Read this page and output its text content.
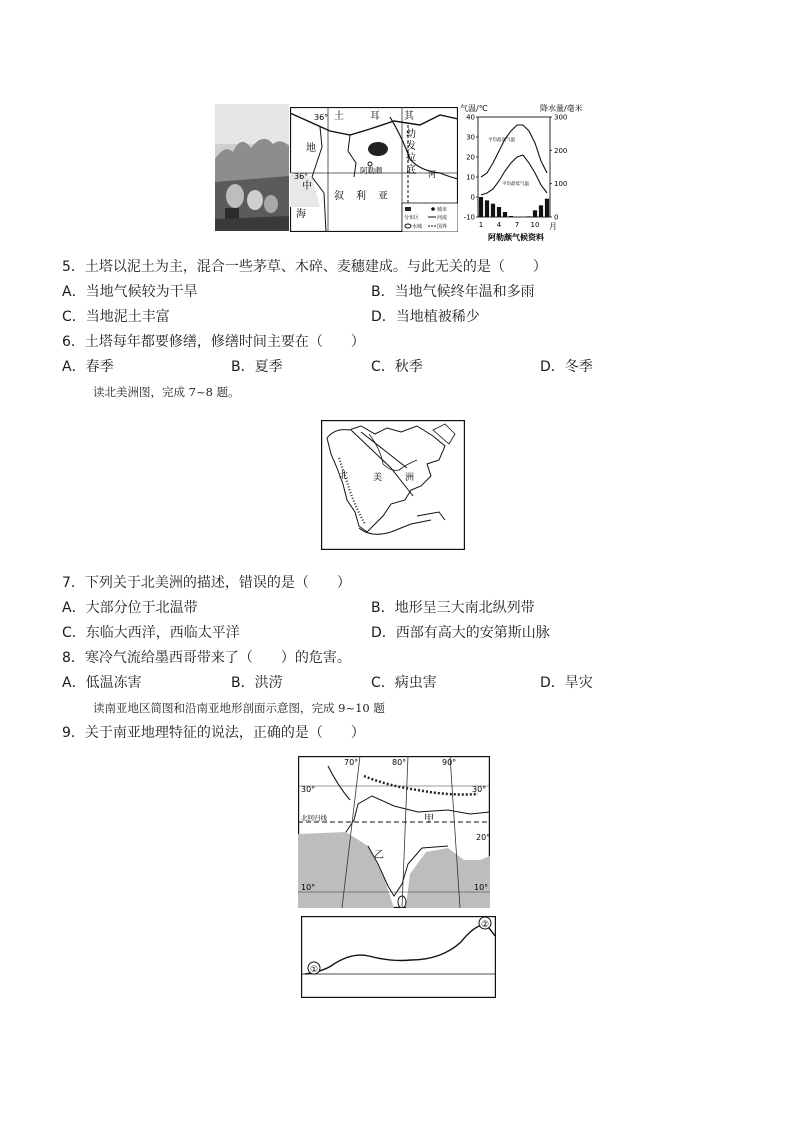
36°
36°
土	耳 其
幼
发
拉
底 河
阿勒颇
地
中
海
叙 利 亚
城市
河流
国界
分布区
水城
气温/℃	降水量/毫米
-10
0
10
20
30
40
0
100
200
300
1 4 7 10
平均最高气温
平均最低气温
月
阿勒颇气候资料
5．土塔以泥土为主，混合一些茅草、木碎、麦穗建成。与此无关的是（　　）
A．当地气候较为干旱	B．当地气候终年温和多雨
C．当地泥土丰富	D．当地植被稀少
6．土塔每年都要修缮，修缮时间主要在（　　）
A．春季	B．夏季	C．秋季	D．冬季
读北美洲图，完成 7~8 题。
北	美	洲
7．下列关于北美洲的描述，错误的是（　　）
A．大部分位于北温带	B．地形呈三大南北纵列带
C．东临大西洋，西临太平洋	D．西部有高大的安第斯山脉
8．寒冷气流给墨西哥带来了（　　）的危害。
A．低温冻害	B．洪涝	C．病虫害	D．旱灾
读南亚地区简图和沿南亚地形剖面示意图，完成 9~10 题
9．关于南亚地理特征的说法，正确的是（　　）
70°	80°	90°
30°	30°
20°
10°	10°
北回归线	甲
乙
①
②
